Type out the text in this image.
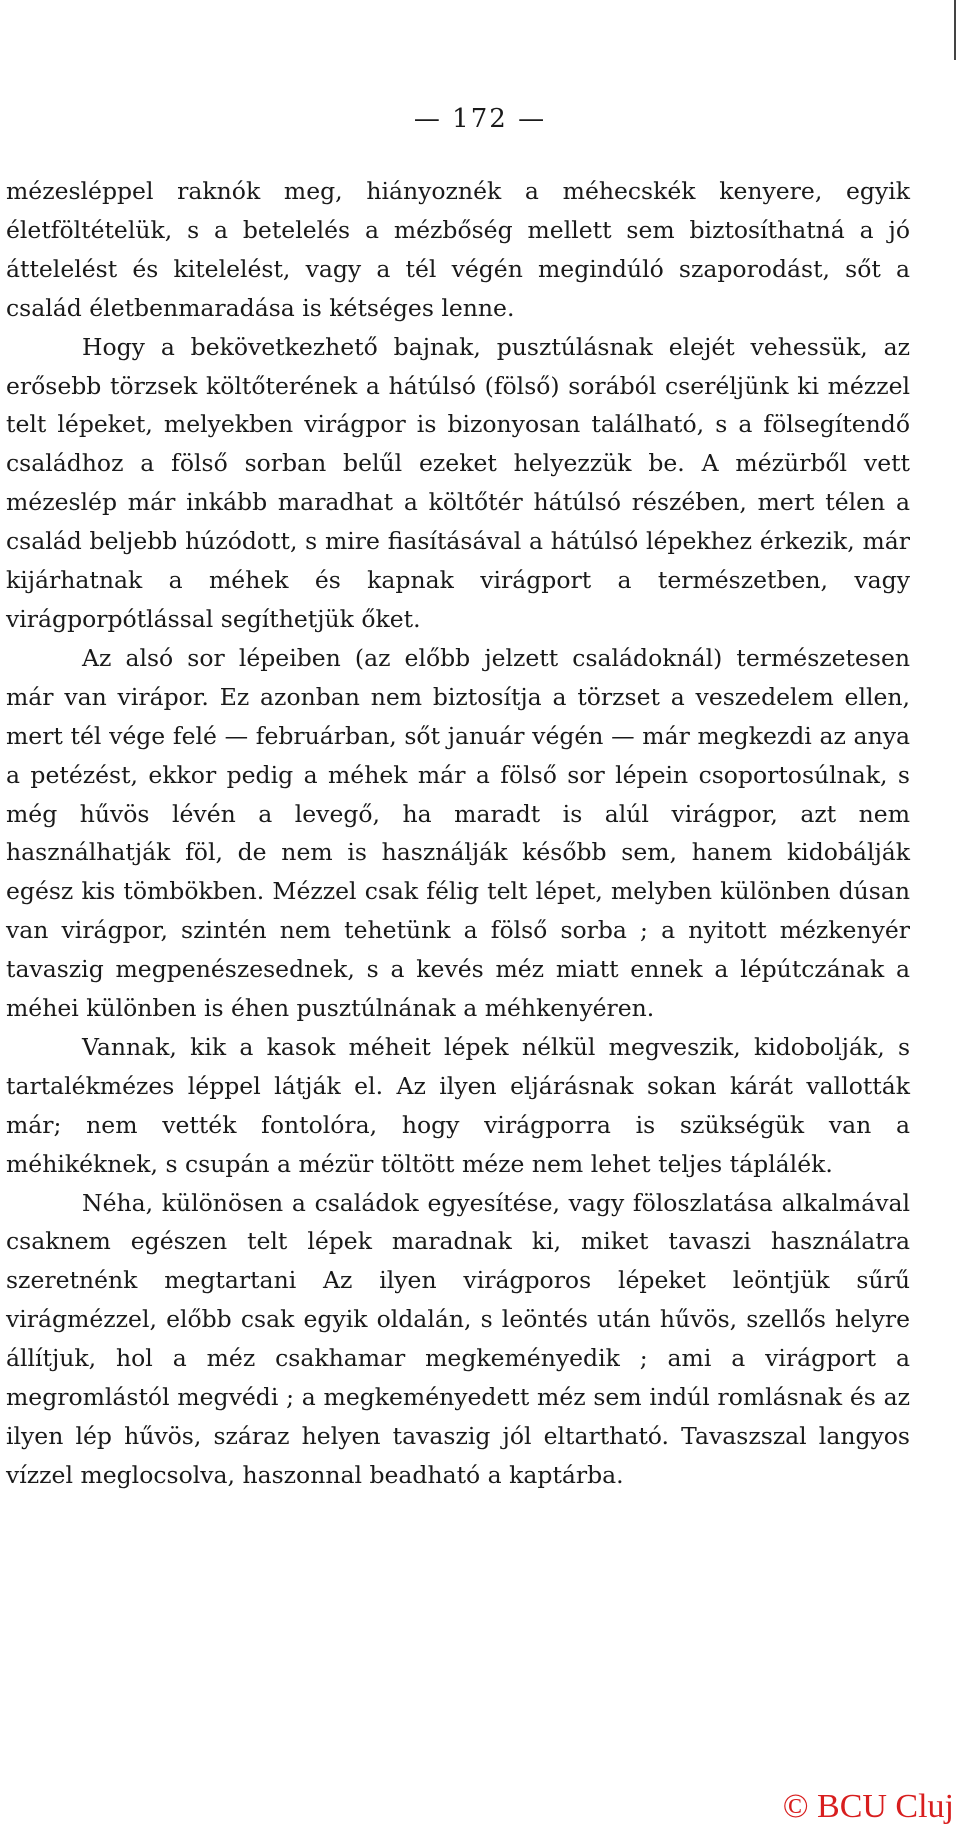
— 172 —

mézesléppel raknók meg, hiányoznék a méhecskék kenyere, egyik életföltételük, s a betelelés a mézbőség mellett sem biztosíthatná a jó áttelelést és kitelelést, vagy a tél végén megindúló szaporodást, sőt a család életbenmaradása is kétséges lenne.

Hogy a bekövetkezhető bajnak, pusztúlásnak elejét vehessük, az erősebb törzsek költőterének a hátúlsó (fölső) sorából cseréljünk ki mézzel telt lépeket, melyekben virágpor is bizonyosan található, s a fölsegítendő családhoz a fölső sorban belűl ezeket helyezzük be. A mézürből vett mézeslép már inkább maradhat a költőtér hátúlsó részében, mert télen a család beljebb húzódott, s mire fiasításával a hátúlsó lépekhez érkezik, már kijárhatnak a méhek és kapnak virágport a természetben, vagy virágporpótlással segíthetjük őket.

Az alsó sor lépeiben (az előbb jelzett családoknál) természetesen már van virápor. Ez azonban nem biztosítja a törzset a veszedelem ellen, mert tél vége felé — februárban, sőt január végén — már megkezdi az anya a petézést, ekkor pedig a méhek már a fölső sor lépein csoportosúlnak, s még hűvös lévén a levegő, ha maradt is alúl virágpor, azt nem használhatják föl, de nem is használják később sem, hanem kidobálják egész kis tömbökben. Mézzel csak félig telt lépet, melyben különben dúsan van virágpor, szintén nem tehetünk a fölső sorba ; a nyitott mézkenyér tavaszig megpenészesednek, s a kevés méz miatt ennek a lépútczának a méhei különben is éhen pusztúlnának a méhkenyéren.

Vannak, kik a kasok méheit lépek nélkül megveszik, kidobolják, s tartalékmézes léppel látják el. Az ilyen eljárásnak sokan kárát vallották már; nem vették fontolóra, hogy virágporra is szükségük van a méhikéknek, s csupán a mézür töltött méze nem lehet teljes táplálék.

Néha, különösen a családok egyesítése, vagy föloszlatása alkalmával csaknem egészen telt lépek maradnak ki, miket tavaszi használatra szeretnénk megtartani Az ilyen virágporos lépeket leöntjük sűrű virágmézzel, előbb csak egyik oldalán, s leöntés után hűvös, szellős helyre állítjuk, hol a méz csakhamar megkeményedik ; ami a virágport a megromlástól megvédi ; a megkeményedett méz sem indúl romlásnak és az ilyen lép hűvös, száraz helyen tavaszig jól eltartható. Tavaszszal langyos vízzel meglocsolva, haszonnal beadható a kaptárba.

© BCU Cluj
